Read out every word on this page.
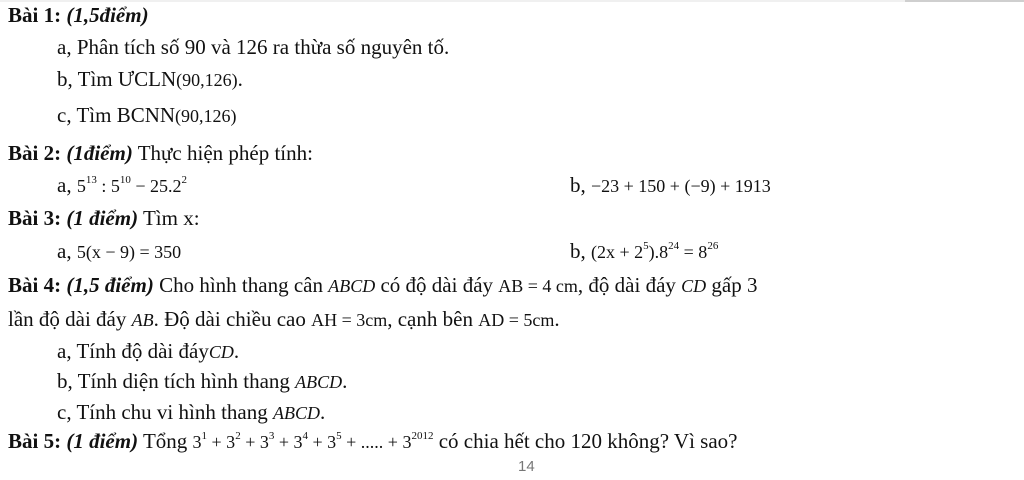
Bài 1: (1,5điểm)
a, Phân tích số 90 và 126 ra thừa số nguyên tố.
b, Tìm ƯCLN(90,126).
c, Tìm BCNN(90,126)
Bài 2: (1điểm) Thực hiện phép tính:
a, $5^{13}$ : $5^{10} - 25.2^2$	b, −23 + 150 + (−9) + 1913
Bài 3: (1 điểm) Tìm x:
a, 5(x − 9) = 350	b, $(2x + 2^5).8^{24} = 8^{26}$
Bài 4: (1,5 điểm) Cho hình thang cân ABCD có độ dài đáy AB = 4 cm, độ dài đáy CD gấp 3
lần độ dài đáy AB. Độ dài chiều cao AH = 3cm, cạnh bên AD = 5cm.
a, Tính độ dài đáyCD.
b, Tính diện tích hình thang ABCD.
c, Tính chu vi hình thang ABCD.
Bài 5: (1 điểm) Tổng $3^1 + 3^2 + 3^3 + 3^4 + 3^5$ + ..... + $3^{2012}$ có chia hết cho 120 không? Vì sao?
14
